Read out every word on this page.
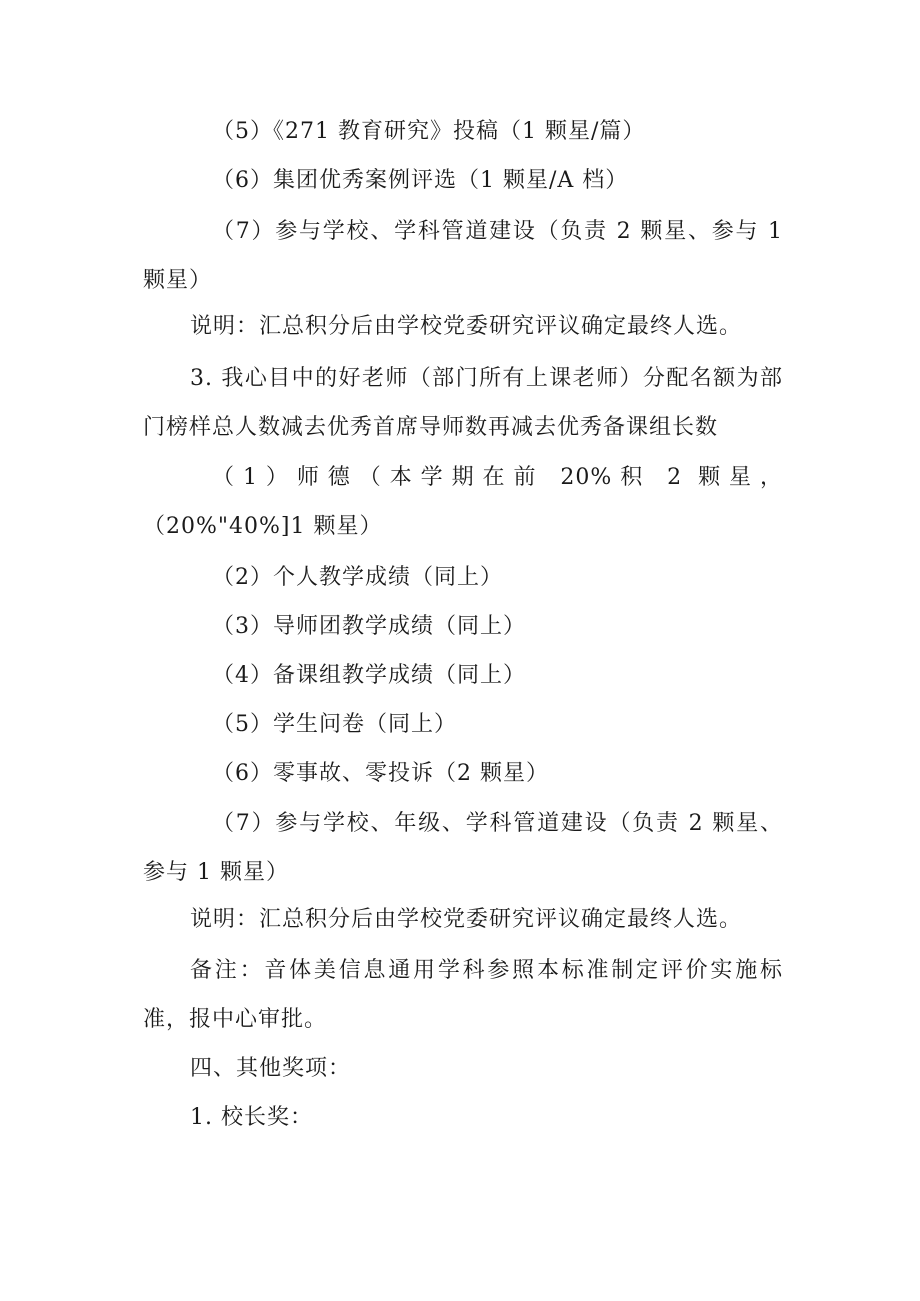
（5）《271 教育研究》投稿（1 颗星/篇）
（6）集团优秀案例评选（1 颗星/A 档）
（7）参与学校、学科管道建设（负责 2 颗星、参与 1 颗星）
说明：汇总积分后由学校党委研究评议确定最终人选。
3. 我心目中的好老师（部门所有上课老师）分配名额为部门榜样总人数减去优秀首席导师数再减去优秀备课组长数
（1）师德（本学期在前 20%积 2 颗星，（20%"40%]1 颗星）
（2）个人教学成绩（同上）
（3）导师团教学成绩（同上）
（4）备课组教学成绩（同上）
（5）学生问卷（同上）
（6）零事故、零投诉（2 颗星）
（7）参与学校、年级、学科管道建设（负责 2 颗星、参与 1 颗星）
说明：汇总积分后由学校党委研究评议确定最终人选。
备注：音体美信息通用学科参照本标准制定评价实施标准，报中心审批。
四、其他奖项：
1. 校长奖：
